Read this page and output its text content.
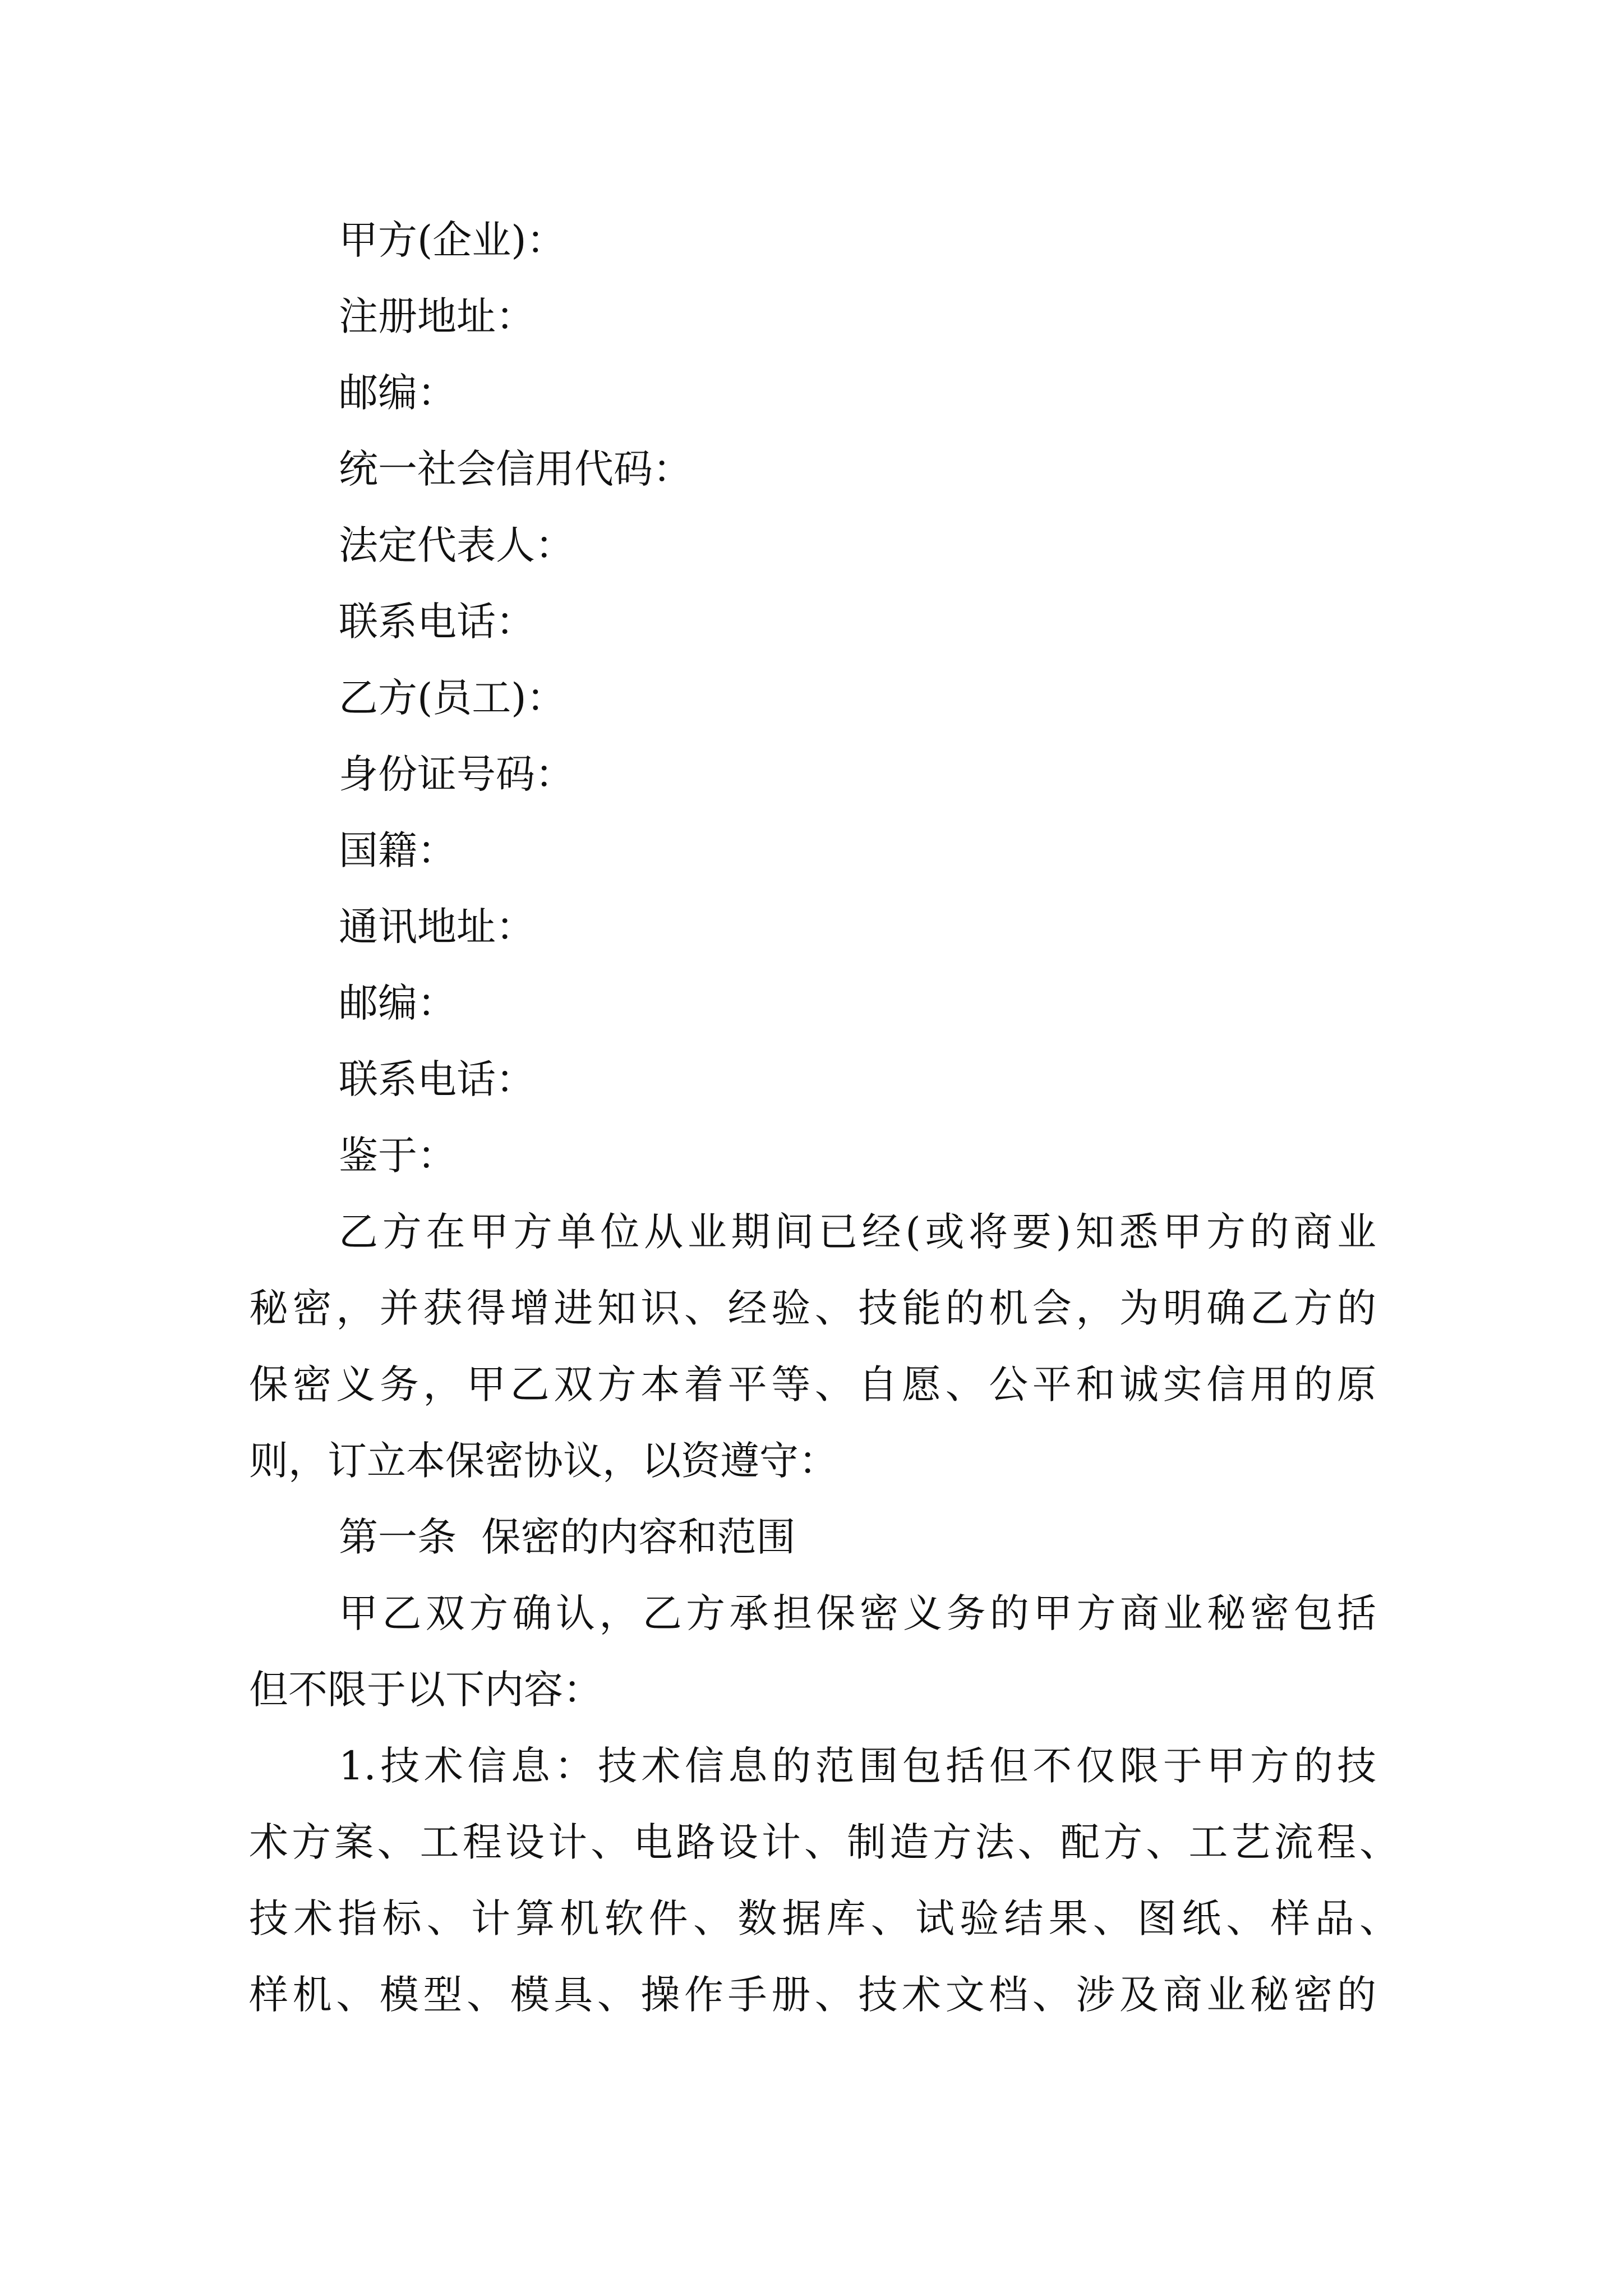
甲方(企业)：
注册地址：
邮编：
统一社会信用代码：
法定代表人：
联系电话：
乙方(员工)：
身份证号码：
国籍：
通讯地址：
邮编：
联系电话：
鉴于：
乙方在甲方单位从业期间已经(或将要)知悉甲方的商业
秘密，并获得增进知识、经验、技能的机会，为明确乙方的
保密义务，甲乙双方本着平等、自愿、公平和诚实信用的原
则，订立本保密协议，以资遵守：
第一条  保密的内容和范围
甲乙双方确认，乙方承担保密义务的甲方商业秘密包括
但不限于以下内容：
1.技术信息：技术信息的范围包括但不仅限于甲方的技
术方案、工程设计、电路设计、制造方法、配方、工艺流程、
技术指标、计算机软件、数据库、试验结果、图纸、样品、
样机、模型、模具、操作手册、技术文档、涉及商业秘密的
